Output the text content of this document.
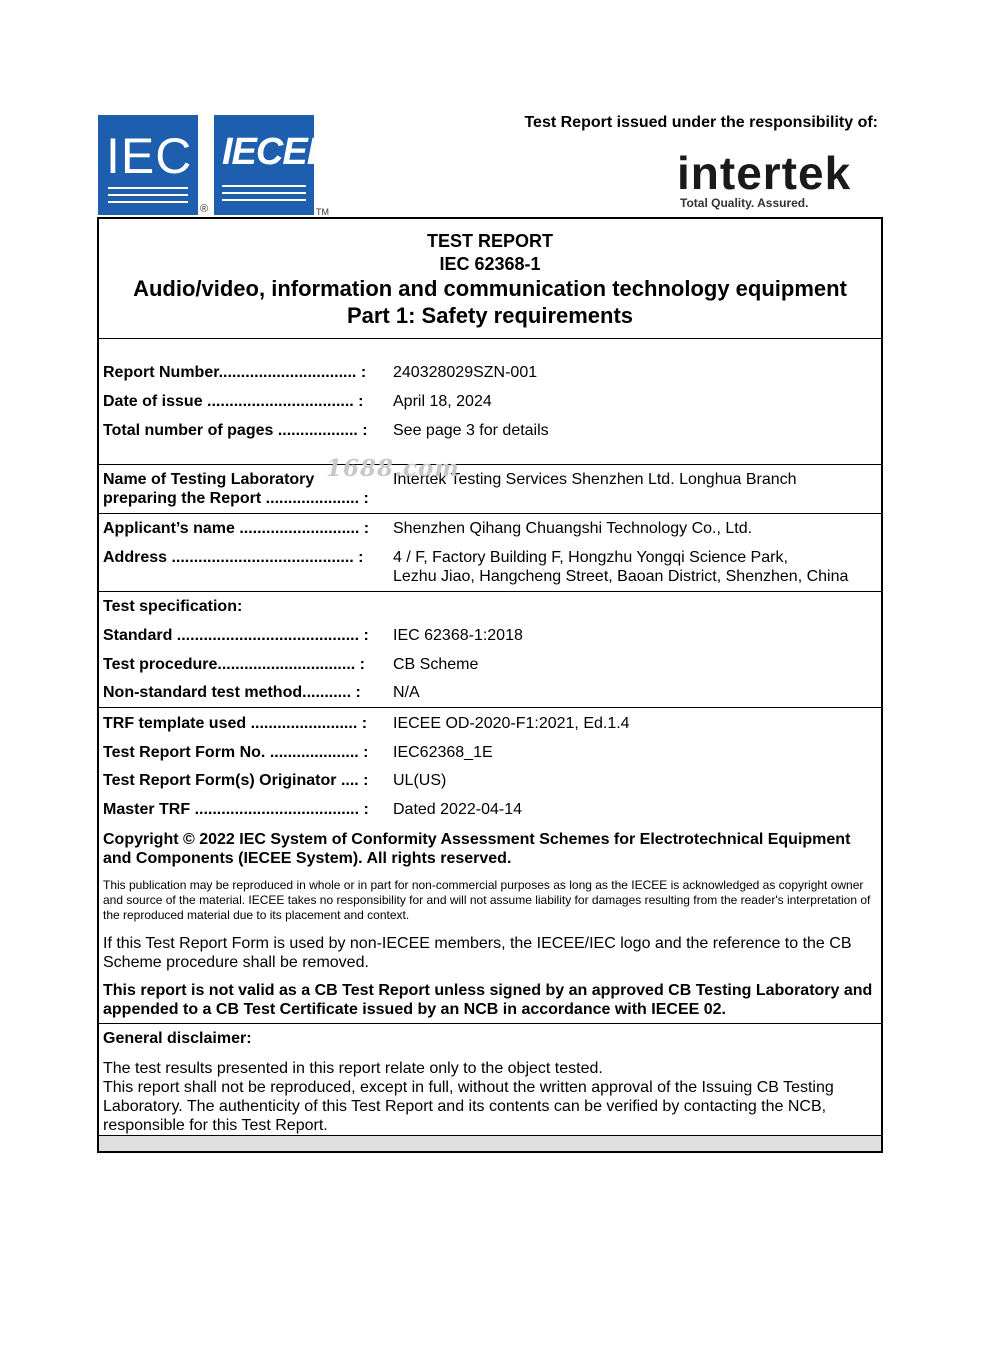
IEC
®
IECEE
TM
Test Report issued under the responsibility of:
intertek
Total Quality. Assured.
TEST REPORT
IEC 62368-1
Audio/video, information and communication technology equipment
Part 1: Safety requirements
Report Number............................... : 240328029SZN-001
Date of issue ................................. : April 18, 2024
Total number of pages .................. : See page 3 for details
Name of Testing Laboratory
preparing the Report ..................... :
Intertek Testing Services Shenzhen Ltd. Longhua Branch
Applicant’s name ........................... : Shenzhen Qihang Chuangshi Technology Co., Ltd.
Address ......................................... : 4 / F, Factory Building F, Hongzhu Yongqi Science Park,
Lezhu Jiao, Hangcheng Street, Baoan District, Shenzhen, China
Test specification:
Standard ......................................... : IEC 62368-1:2018
Test procedure............................... : CB Scheme
Non-standard test method........... : N/A
TRF template used ........................ : IECEE OD-2020-F1:2021, Ed.1.4
Test Report Form No. .................... : IEC62368_1E
Test Report Form(s) Originator .... : UL(US)
Master TRF ..................................... : Dated 2022-04-14
Copyright © 2022 IEC System of Conformity Assessment Schemes for Electrotechnical Equipment and Components (IECEE System). All rights reserved.
This publication may be reproduced in whole or in part for non-commercial purposes as long as the IECEE is acknowledged as copyright owner and source of the material. IECEE takes no responsibility for and will not assume liability for damages resulting from the reader's interpretation of the reproduced material due to its placement and context.
If this Test Report Form is used by non-IECEE members, the IECEE/IEC logo and the reference to the CB Scheme procedure shall be removed.
This report is not valid as a CB Test Report unless signed by an approved CB Testing Laboratory and appended to a CB Test Certificate issued by an NCB in accordance with IECEE 02.
General disclaimer:
The test results presented in this report relate only to the object tested.
This report shall not be reproduced, except in full, without the written approval of the Issuing CB Testing Laboratory. The authenticity of this Test Report and its contents can be verified by contacting the NCB, responsible for this Test Report.
1688.com
